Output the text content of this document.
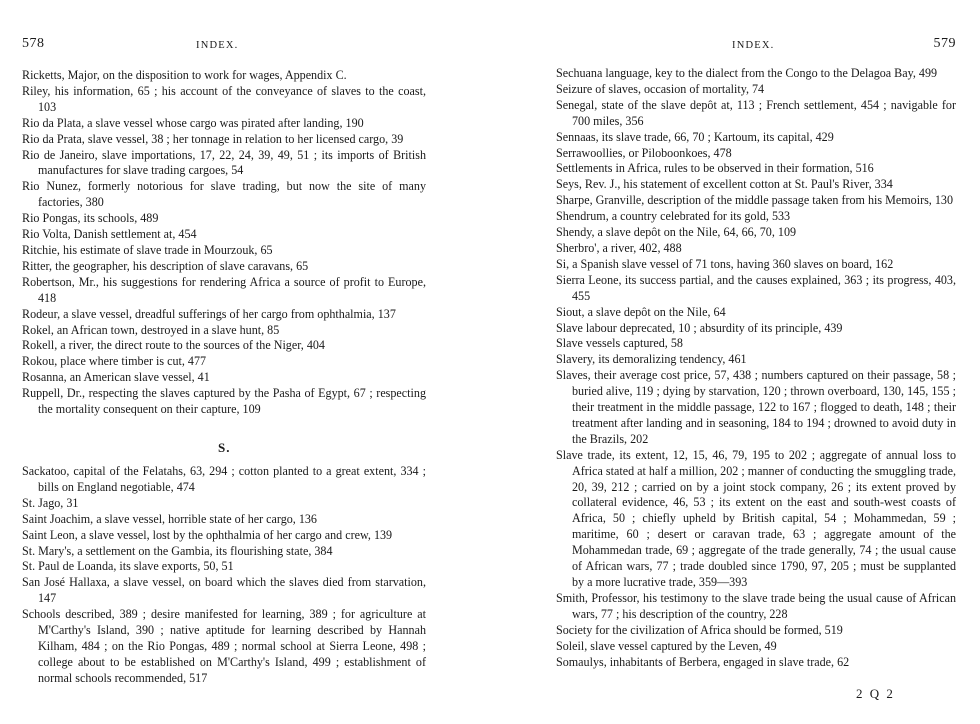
578	INDEX.

Ricketts, Major, on the disposition to work for wages, Appendix C.

Riley, his information, 65 ; his account of the conveyance of slaves to the coast, 103

Rio da Plata, a slave vessel whose cargo was pirated after landing, 190

Rio da Prata, slave vessel, 38 ; her tonnage in relation to her licensed cargo, 39

Rio de Janeiro, slave importations, 17, 22, 24, 39, 49, 51 ; its imports of British manufactures for slave trading cargoes, 54

Rio Nunez, formerly notorious for slave trading, but now the site of many factories, 380

Rio Pongas, its schools, 489

Rio Volta, Danish settlement at, 454

Ritchie, his estimate of slave trade in Mourzouk, 65

Ritter, the geographer, his description of slave caravans, 65

Robertson, Mr., his suggestions for rendering Africa a source of profit to Europe, 418

Rodeur, a slave vessel, dreadful sufferings of her cargo from ophthalmia, 137

Rokel, an African town, destroyed in a slave hunt, 85

Rokell, a river, the direct route to the sources of the Niger, 404

Rokou, place where timber is cut, 477

Rosanna, an American slave vessel, 41

Ruppell, Dr., respecting the slaves captured by the Pasha of Egypt, 67 ; respecting the mortality consequent on their capture, 109

S.

Sackatoo, capital of the Felatahs, 63, 294 ; cotton planted to a great extent, 334 ; bills on England negotiable, 474

St. Jago, 31

Saint Joachim, a slave vessel, horrible state of her cargo, 136

Saint Leon, a slave vessel, lost by the ophthalmia of her cargo and crew, 139

St. Mary's, a settlement on the Gambia, its flourishing state, 384

St. Paul de Loanda, its slave exports, 50, 51

San José Hallaxa, a slave vessel, on board which the slaves died from starvation, 147

Schools described, 389 ; desire manifested for learning, 389 ; for agriculture at M'Carthy's Island, 390 ; native aptitude for learning described by Hannah Kilham, 484 ; on the Rio Pongas, 489 ; normal school at Sierra Leone, 498 ; college about to be established on M'Carthy's Island, 499 ; establishment of normal schools recommended, 517

INDEX.	579

Sechuana language, key to the dialect from the Congo to the Delagoa Bay, 499

Seizure of slaves, occasion of mortality, 74

Senegal, state of the slave depôt at, 113 ; French settlement, 454 ; navigable for 700 miles, 356

Sennaas, its slave trade, 66, 70 ; Kartoum, its capital, 429

Serrawoollies, or Piloboonkoes, 478

Settlements in Africa, rules to be observed in their formation, 516

Seys, Rev. J., his statement of excellent cotton at St. Paul's River, 334

Sharpe, Granville, description of the middle passage taken from his Memoirs, 130

Shendrum, a country celebrated for its gold, 533

Shendy, a slave depôt on the Nile, 64, 66, 70, 109

Sherbro', a river, 402, 488

Si, a Spanish slave vessel of 71 tons, having 360 slaves on board, 162

Sierra Leone, its success partial, and the causes explained, 363 ; its progress, 403, 455

Siout, a slave depôt on the Nile, 64

Slave labour deprecated, 10 ; absurdity of its principle, 439

Slave vessels captured, 58

Slavery, its demoralizing tendency, 461

Slaves, their average cost price, 57, 438 ; numbers captured on their passage, 58 ; buried alive, 119 ; dying by starvation, 120 ; thrown overboard, 130, 145, 155 ; their treatment in the middle passage, 122 to 167 ; flogged to death, 148 ; their treatment after landing and in seasoning, 184 to 194 ; drowned to avoid duty in the Brazils, 202

Slave trade, its extent, 12, 15, 46, 79, 195 to 202 ; aggregate of annual loss to Africa stated at half a million, 202 ; manner of conducting the smuggling trade, 20, 39, 212 ; carried on by a joint stock company, 26 ; its extent proved by collateral evidence, 46, 53 ; its extent on the east and south-west coasts of Africa, 50 ; chiefly upheld by British capital, 54 ; Mohammedan, 59 ; maritime, 60 ; desert or caravan trade, 63 ; aggregate amount of the Mohammedan trade, 69 ; aggregate of the trade generally, 74 ; the usual cause of African wars, 77 ; trade doubled since 1790, 97, 205 ; must be supplanted by a more lucrative trade, 359—393

Smith, Professor, his testimony to the slave trade being the usual cause of African wars, 77 ; his description of the country, 228

Society for the civilization of Africa should be formed, 519

Soleil, slave vessel captured by the Leven, 49

Somaulys, inhabitants of Berbera, engaged in slave trade, 62

2 Q 2
